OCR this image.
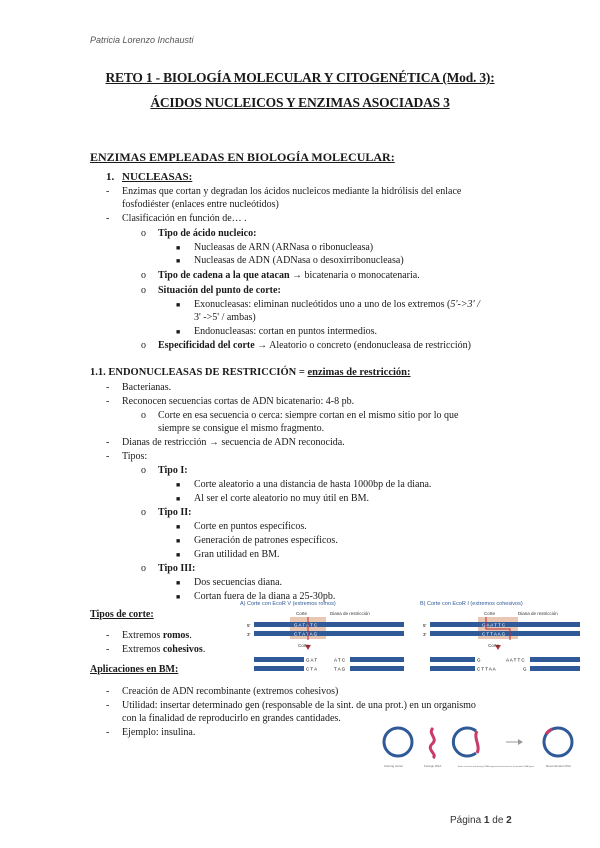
Patricia Lorenzo Inchausti
RETO 1 - BIOLOGÍA MOLECULAR Y CITOGENÉTICA (Mod. 3):
ÁCIDOS NUCLEICOS Y ENZIMAS ASOCIADAS 3
ENZIMAS EMPLEADAS EN BIOLOGÍA MOLECULAR:
1. NUCLEASAS:
- Enzimas que cortan y degradan los ácidos nucleicos mediante la hidrólisis del enlace
fosfodiéster (enlaces entre nucleótidos)
- Clasificación en función de… .
o Tipo de ácido nucleico:
■ Nucleasas de ARN (ARNasa o ribonucleasa)
■ Nucleasas de ADN (ADNasa o desoxirribonucleasa)
o Tipo de cadena a la que atacan → bicatenaria o monocatenaria.
o Situación del punto de corte:
■ Exonucleasas: eliminan nucleótidos uno a uno de los extremos (5'->3' /
3' ->5' / ambas)
■ Endonucleasas: cortan en puntos intermedios.
o Especificidad del corte → Aleatorio o concreto (endonucleasa de restricción)
1.1. ENDONUCLEASAS DE RESTRICCIÓN = enzimas de restricción:
- Bacterianas.
- Reconocen secuencias cortas de ADN bicatenario: 4-8 pb.
o Corte en esa secuencia o cerca: siempre cortan en el mismo sitio por lo que
siempre se consigue el mismo fragmento.
- Dianas de restricción → secuencia de ADN reconocida.
- Tipos:
o Tipo I:
■ Corte aleatorio a una distancia de hasta 1000bp de la diana.
■ Al ser el corte aleatorio no muy útil en BM.
o Tipo II:
■ Corte en puntos específicos.
■ Generación de patrones específicos.
■ Gran utilidad en BM.
o Tipo III:
■ Dos secuencias diana.
■ Cortan fuera de la diana a 25-30pb.
Tipos de corte:
- Extremos romos.
- Extremos cohesivos.
A) Corte con EcoR V (extremos romos)
Corte	Diana de restricción
5'
3'
G A T A T C
C T A T A G
Corte
G A T
C T A
A T C
T A G
B) Corte con EcoR I (extremos cohesivos)
Corte	Diana de restricción
5'
3'
G A A T T C
C T T A A G
Corte
G
C T T A A
A A T T C
G
Aplicaciones en BM:
- Creación de ADN recombinante (extremos cohesivos)
- Utilidad: insertar determinado gen (responsable de la sint. de una prot.) en un organismo
con la finalidad de reproducirlo en grandes cantidades.
- Ejemplo: insulina.
Cloning vector	Foreign DNA	Ends of vector and foreign DNA fragment joined and are fused with DNA ligase	Recombinant DNA
Página 1 de 2
